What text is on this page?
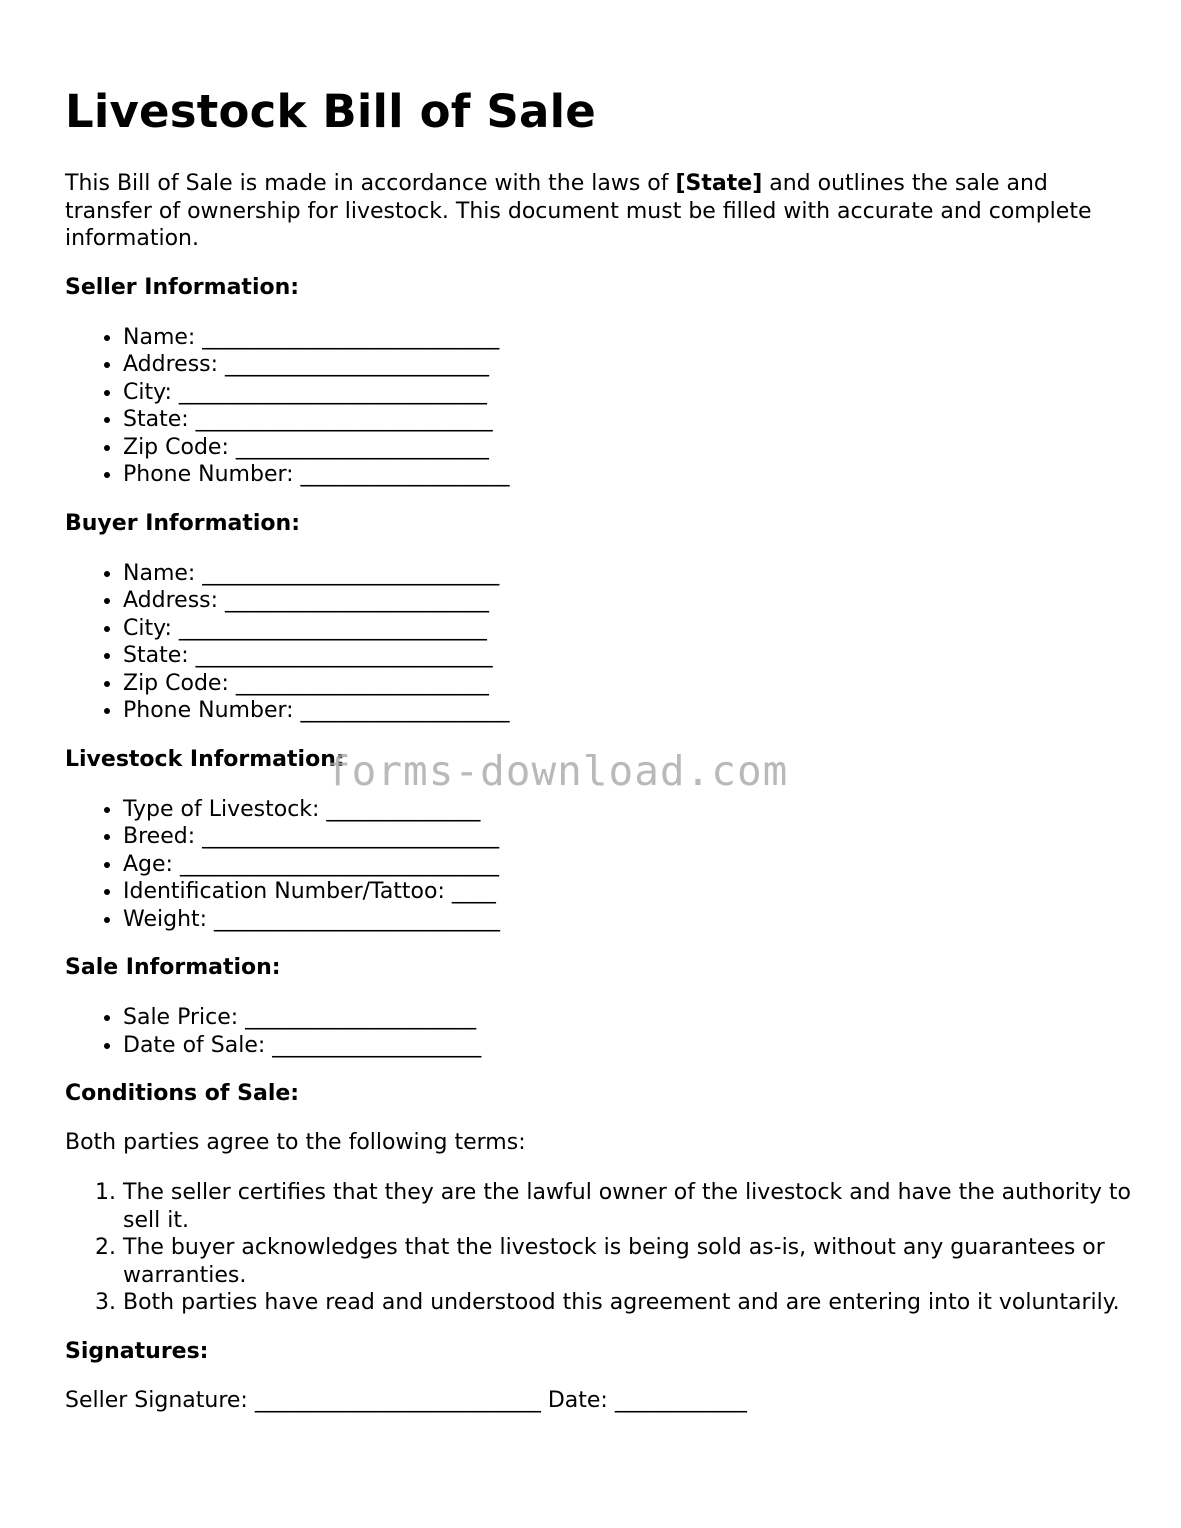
Livestock Bill of Sale

This Bill of Sale is made in accordance with the laws of [State] and outlines the sale and transfer of ownership for livestock. This document must be filled with accurate and complete information.

Seller Information:
• Name: ___________________________
• Address: ________________________
• City: ____________________________
• State: ___________________________
• Zip Code: _______________________
• Phone Number: ___________________
Buyer Information:
• Name: ___________________________
• Address: ________________________
• City: ____________________________
• State: ___________________________
• Zip Code: _______________________
• Phone Number: ___________________
Livestock Information:
• Type of Livestock: ______________
• Breed: ___________________________
• Age: _____________________________
• Identification Number/Tattoo: ____
• Weight: __________________________
Sale Information:
• Sale Price: _____________________
• Date of Sale: ___________________
Conditions of Sale:

Both parties agree to the following terms:

1. The seller certifies that they are the lawful owner of the livestock and have the authority to sell it.
2. The buyer acknowledges that the livestock is being sold as-is, without any guarantees or warranties.
3. Both parties have read and understood this agreement and are entering into it voluntarily.
Signatures:

Seller Signature: __________________________ Date: ____________

forms-download.com
